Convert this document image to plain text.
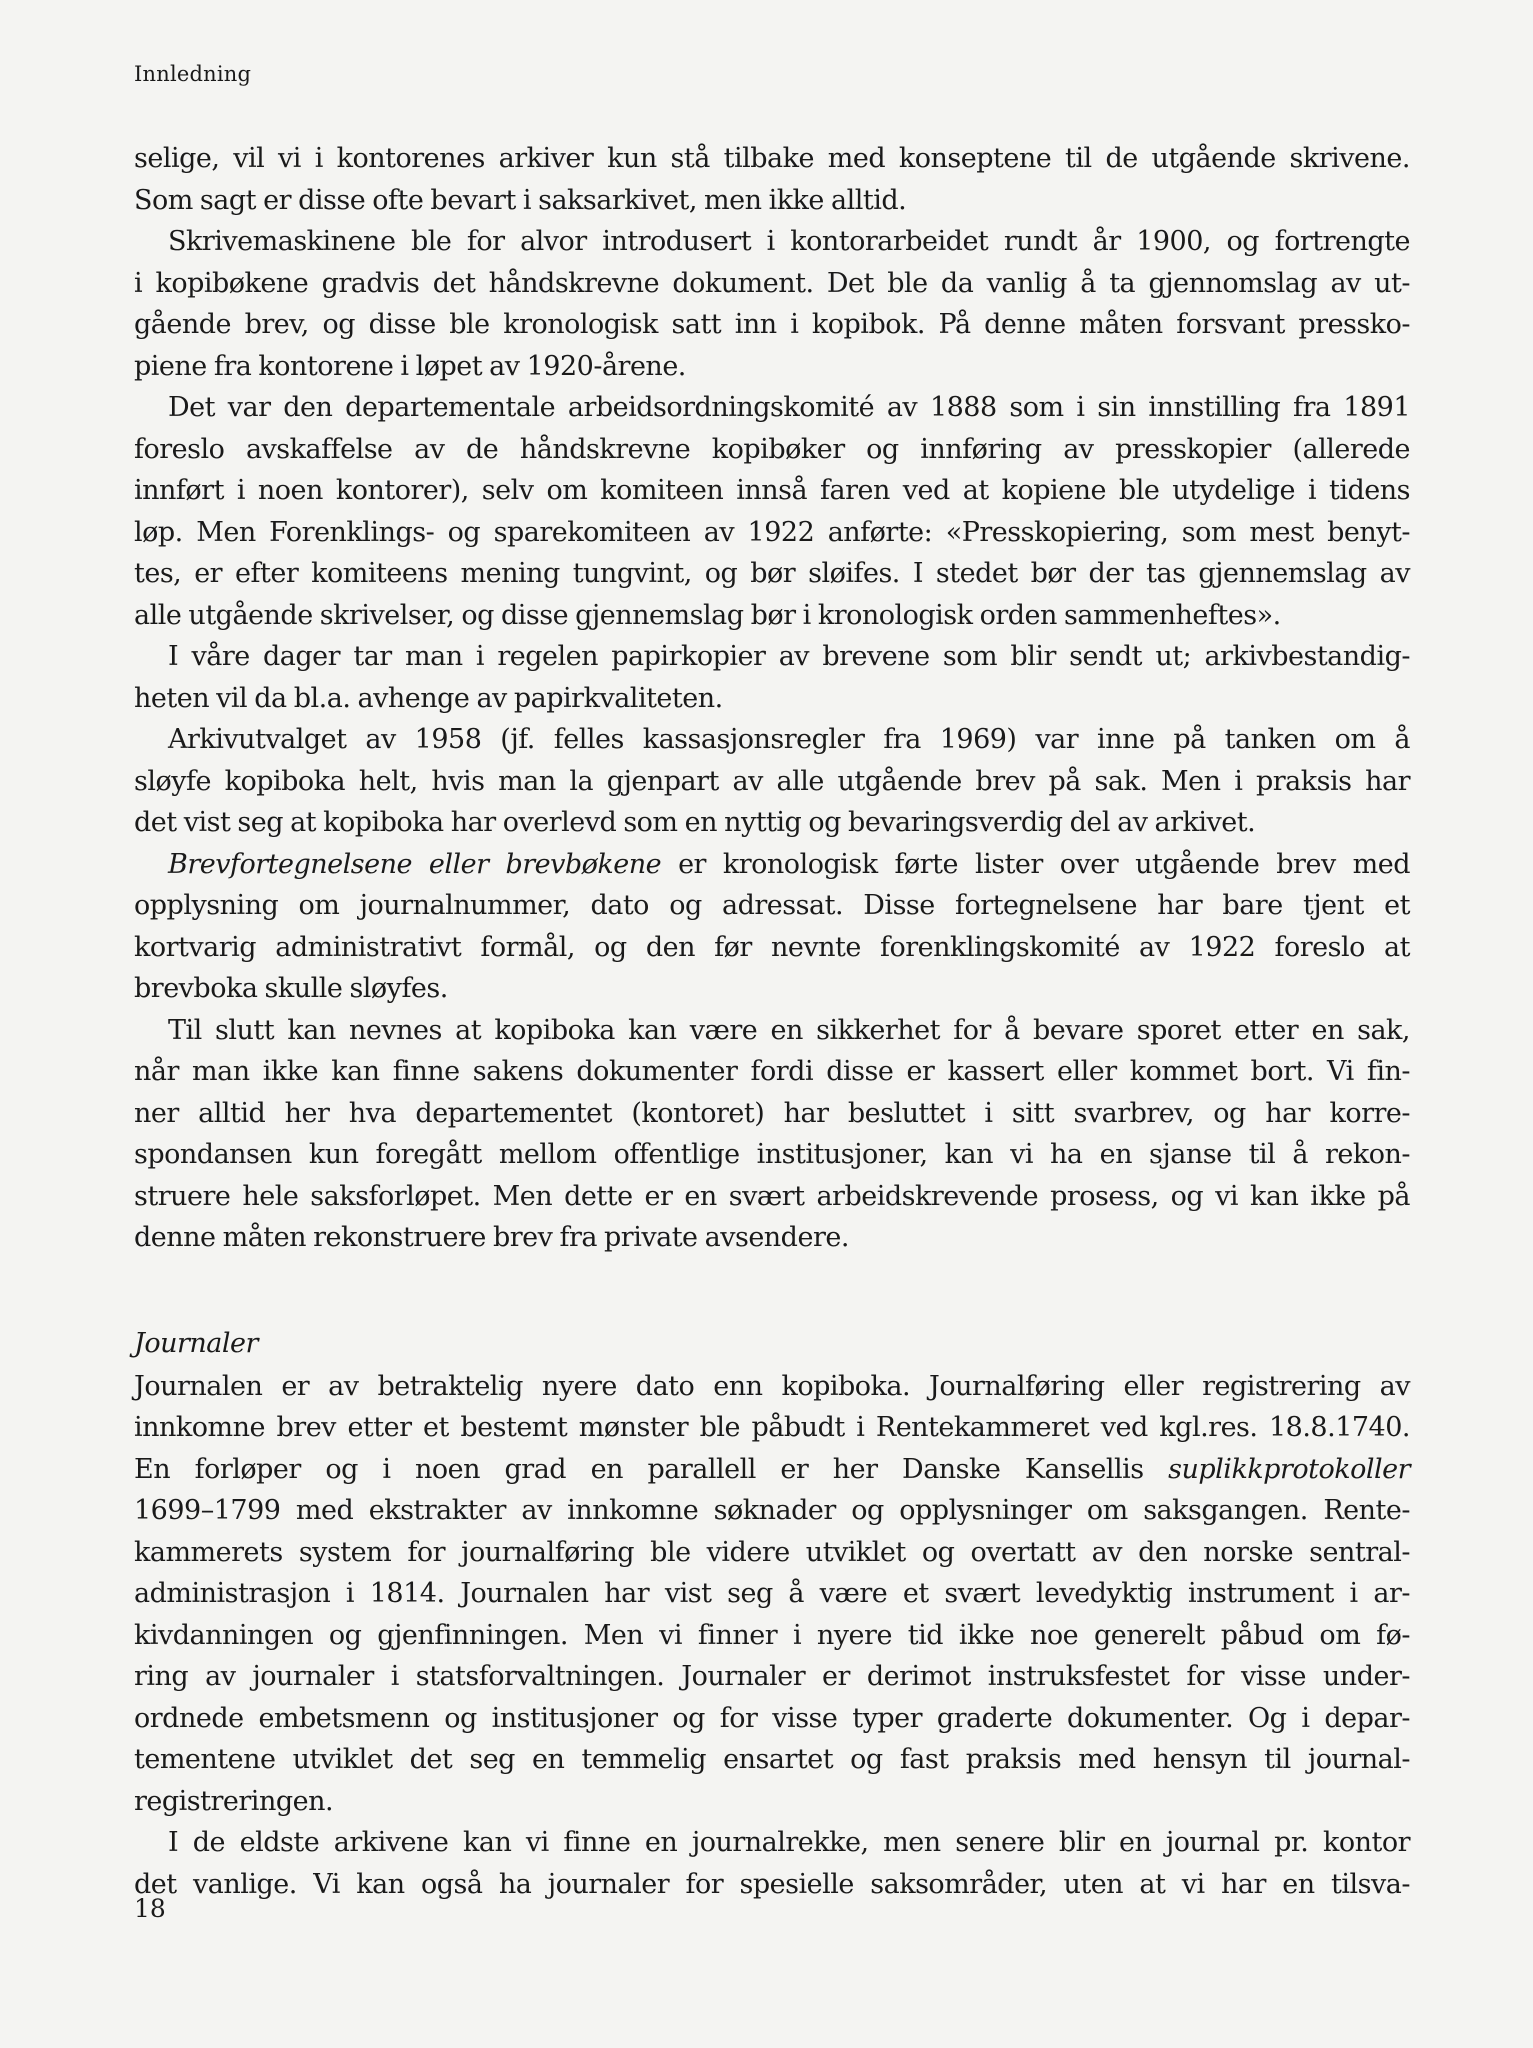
Innledning
selige, vil vi i kontorenes arkiver kun stå tilbake med konseptene til de utgående skrivene.
Som sagt er disse ofte bevart i saksarkivet, men ikke alltid.
Skrivemaskinene ble for alvor introdusert i kontorarbeidet rundt år 1900, og fortrengte
i kopibøkene gradvis det håndskrevne dokument. Det ble da vanlig å ta gjennomslag av ut-
gående brev, og disse ble kronologisk satt inn i kopibok. På denne måten forsvant pressko-
piene fra kontorene i løpet av 1920-årene.
Det var den departementale arbeidsordningskomité av 1888 som i sin innstilling fra 1891
foreslo avskaffelse av de håndskrevne kopibøker og innføring av presskopier (allerede
innført i noen kontorer), selv om komiteen innså faren ved at kopiene ble utydelige i tidens
løp. Men Forenklings- og sparekomiteen av 1922 anførte: «Presskopiering, som mest benyt-
tes, er efter komiteens mening tungvint, og bør sløifes. I stedet bør der tas gjennemslag av
alle utgående skrivelser, og disse gjennemslag bør i kronologisk orden sammenheftes».
I våre dager tar man i regelen papirkopier av brevene som blir sendt ut; arkivbestandig-
heten vil da bl.a. avhenge av papirkvaliteten.
Arkivutvalget av 1958 (jf. felles kassasjonsregler fra 1969) var inne på tanken om å
sløyfe kopiboka helt, hvis man la gjenpart av alle utgående brev på sak. Men i praksis har
det vist seg at kopiboka har overlevd som en nyttig og bevaringsverdig del av arkivet.
Brevfortegnelsene eller brevbøkene er kronologisk førte lister over utgående brev med
opplysning om journalnummer, dato og adressat. Disse fortegnelsene har bare tjent et
kortvarig administrativt formål, og den før nevnte forenklingskomité av 1922 foreslo at
brevboka skulle sløyfes.
Til slutt kan nevnes at kopiboka kan være en sikkerhet for å bevare sporet etter en sak,
når man ikke kan finne sakens dokumenter fordi disse er kassert eller kommet bort. Vi fin-
ner alltid her hva departementet (kontoret) har besluttet i sitt svarbrev, og har korre-
spondansen kun foregått mellom offentlige institusjoner, kan vi ha en sjanse til å rekon-
struere hele saksforløpet. Men dette er en svært arbeidskrevende prosess, og vi kan ikke på
denne måten rekonstruere brev fra private avsendere.
Journaler
Journalen er av betraktelig nyere dato enn kopiboka. Journalføring eller registrering av
innkomne brev etter et bestemt mønster ble påbudt i Rentekammeret ved kgl.res. 18.8.1740.
En forløper og i noen grad en parallell er her Danske Kansellis suplikkprotokoller
1699–1799 med ekstrakter av innkomne søknader og opplysninger om saksgangen. Rente-
kammerets system for journalføring ble videre utviklet og overtatt av den norske sentral-
administrasjon i 1814. Journalen har vist seg å være et svært levedyktig instrument i ar-
kivdanningen og gjenfinningen. Men vi finner i nyere tid ikke noe generelt påbud om fø-
ring av journaler i statsforvaltningen. Journaler er derimot instruksfestet for visse under-
ordnede embetsmenn og institusjoner og for visse typer graderte dokumenter. Og i depar-
tementene utviklet det seg en temmelig ensartet og fast praksis med hensyn til journal-
registreringen.
I de eldste arkivene kan vi finne en journalrekke, men senere blir en journal pr. kontor
det vanlige. Vi kan også ha journaler for spesielle saksområder, uten at vi har en tilsva-
18
